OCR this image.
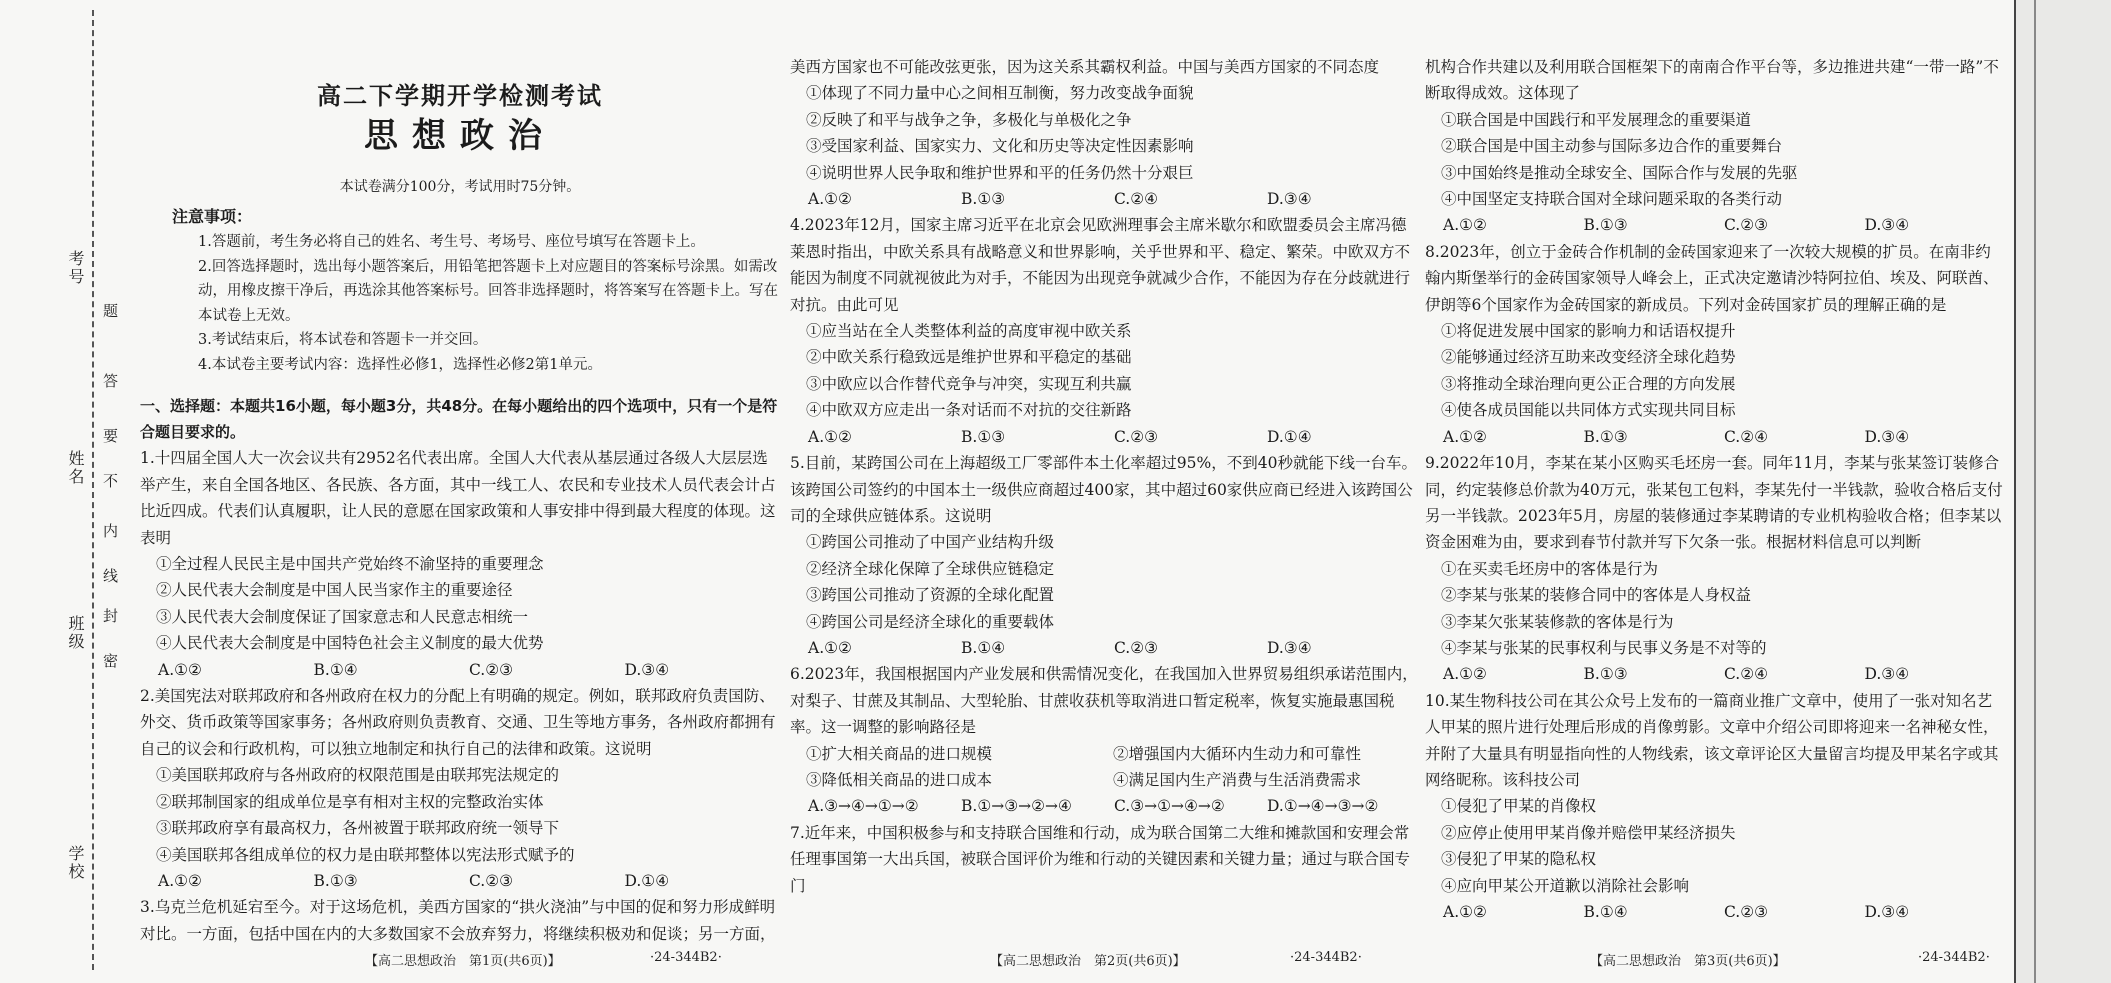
考号
姓名
班级
学校
题
答
要
不
内
线
封
密
高二下学期开学检测考试
思想政治
本试卷满分100分，考试用时75分钟。
注意事项：

1.答题前，考生务必将自己的姓名、考生号、考场号、座位号填写在答题卡上。

2.回答选择题时，选出每小题答案后，用铅笔把答题卡上对应题目的答案标号涂黑。如需改动，用橡皮擦干净后，再选涂其他答案标号。回答非选择题时，将答案写在答题卡上。写在本试卷上无效。

3.考试结束后，将本试卷和答题卡一并交回。

4.本试卷主要考试内容：选择性必修1，选择性必修2第1单元。

一、选择题：本题共16小题，每小题3分，共48分。在每小题给出的四个选项中，只有一个是符合题目要求的。

1.十四届全国人大一次会议共有2952名代表出席。全国人大代表从基层通过各级人大层层选举产生，来自全国各地区、各民族、各方面，其中一线工人、农民和专业技术人员代表会计占比近四成。代表们认真履职，让人民的意愿在国家政策和人事安排中得到最大程度的体现。这表明

①全过程人民民主是中国共产党始终不渝坚持的重要理念

②人民代表大会制度是中国人民当家作主的重要途径

③人民代表大会制度保证了国家意志和人民意志相统一

④人民代表大会制度是中国特色社会主义制度的最大优势

A.①②	B.①④	C.②③	D.③④

2.美国宪法对联邦政府和各州政府在权力的分配上有明确的规定。例如，联邦政府负责国防、外交、货币政策等国家事务；各州政府则负责教育、交通、卫生等地方事务，各州政府都拥有自己的议会和行政机构，可以独立地制定和执行自己的法律和政策。这说明

①美国联邦政府与各州政府的权限范围是由联邦宪法规定的

②联邦制国家的组成单位是享有相对主权的完整政治实体

③联邦政府享有最高权力，各州被置于联邦政府统一领导下

④美国联邦各组成单位的权力是由联邦整体以宪法形式赋予的

A.①②	B.①③	C.②③	D.①④

3.乌克兰危机延宕至今。对于这场危机，美西方国家的“拱火浇油”与中国的促和努力形成鲜明对比。一方面，包括中国在内的大多数国家不会放弃努力，将继续积极劝和促谈；另一方面，

美西方国家也不可能改弦更张，因为这关系其霸权利益。中国与美西方国家的不同态度

①体现了不同力量中心之间相互制衡，努力改变战争面貌

②反映了和平与战争之争，多极化与单极化之争

③受国家利益、国家实力、文化和历史等决定性因素影响

④说明世界人民争取和维护世界和平的任务仍然十分艰巨

A.①②	B.①③	C.②④	D.③④

4.2023年12月，国家主席习近平在北京会见欧洲理事会主席米歇尔和欧盟委员会主席冯德莱恩时指出，中欧关系具有战略意义和世界影响，关乎世界和平、稳定、繁荣。中欧双方不能因为制度不同就视彼此为对手，不能因为出现竞争就减少合作，不能因为存在分歧就进行对抗。由此可见

①应当站在全人类整体利益的高度审视中欧关系

②中欧关系行稳致远是维护世界和平稳定的基础

③中欧应以合作替代竞争与冲突，实现互利共赢

④中欧双方应走出一条对话而不对抗的交往新路

A.①②	B.①③	C.②③	D.①④

5.目前，某跨国公司在上海超级工厂零部件本土化率超过95%，不到40秒就能下线一台车。该跨国公司签约的中国本土一级供应商超过400家，其中超过60家供应商已经进入该跨国公司的全球供应链体系。这说明

①跨国公司推动了中国产业结构升级

②经济全球化保障了全球供应链稳定

③跨国公司推动了资源的全球化配置

④跨国公司是经济全球化的重要载体

A.①②	B.①④	C.②③	D.③④

6.2023年，我国根据国内产业发展和供需情况变化，在我国加入世界贸易组织承诺范围内，对梨子、甘蔗及其制品、大型轮胎、甘蔗收获机等取消进口暂定税率，恢复实施最惠国税率。这一调整的影响路径是

①扩大相关商品的进口规模	②增强国内大循环内生动力和可靠性
③降低相关商品的进口成本	④满足国内生产消费与生活消费需求
A.③→④→①→②	B.①→③→②→④	C.③→①→④→②	D.①→④→③→②

7.近年来，中国积极参与和支持联合国维和行动，成为联合国第二大维和摊款国和安理会常任理事国第一大出兵国，被联合国评价为维和行动的关键因素和关键力量；通过与联合国专门

机构合作共建以及利用联合国框架下的南南合作平台等，多边推进共建“一带一路”不断取得成效。这体现了

①联合国是中国践行和平发展理念的重要渠道

②联合国是中国主动参与国际多边合作的重要舞台

③中国始终是推动全球安全、国际合作与发展的先驱

④中国坚定支持联合国对全球问题采取的各类行动

A.①②	B.①③	C.②③	D.③④

8.2023年，创立于金砖合作机制的金砖国家迎来了一次较大规模的扩员。在南非约翰内斯堡举行的金砖国家领导人峰会上，正式决定邀请沙特阿拉伯、埃及、阿联酋、伊朗等6个国家作为金砖国家的新成员。下列对金砖国家扩员的理解正确的是

①将促进发展中国家的影响力和话语权提升

②能够通过经济互助来改变经济全球化趋势

③将推动全球治理向更公正合理的方向发展

④使各成员国能以共同体方式实现共同目标

A.①②	B.①③	C.②④	D.③④

9.2022年10月，李某在某小区购买毛坯房一套。同年11月，李某与张某签订装修合同，约定装修总价款为40万元，张某包工包料，李某先付一半钱款，验收合格后支付另一半钱款。2023年5月，房屋的装修通过李某聘请的专业机构验收合格；但李某以资金困难为由，要求到春节付款并写下欠条一张。根据材料信息可以判断

①在买卖毛坯房中的客体是行为

②李某与张某的装修合同中的客体是人身权益

③李某欠张某装修款的客体是行为

④李某与张某的民事权利与民事义务是不对等的

A.①②	B.①③	C.②④	D.③④

10.某生物科技公司在其公众号上发布的一篇商业推广文章中，使用了一张对知名艺人甲某的照片进行处理后形成的肖像剪影。文章中介绍公司即将迎来一名神秘女性，并附了大量具有明显指向性的人物线索，该文章评论区大量留言均提及甲某名字或其网络昵称。该科技公司

①侵犯了甲某的肖像权

②应停止使用甲某肖像并赔偿甲某经济损失

③侵犯了甲某的隐私权

④应向甲某公开道歉以消除社会影响

A.①②	B.①④	C.②③	D.③④
【高二思想政治　第1页(共6页)】	·24-344B2·	【高二思想政治　第2页(共6页)】	·24-344B2·	【高二思想政治　第3页(共6页)】	·24-344B2·
